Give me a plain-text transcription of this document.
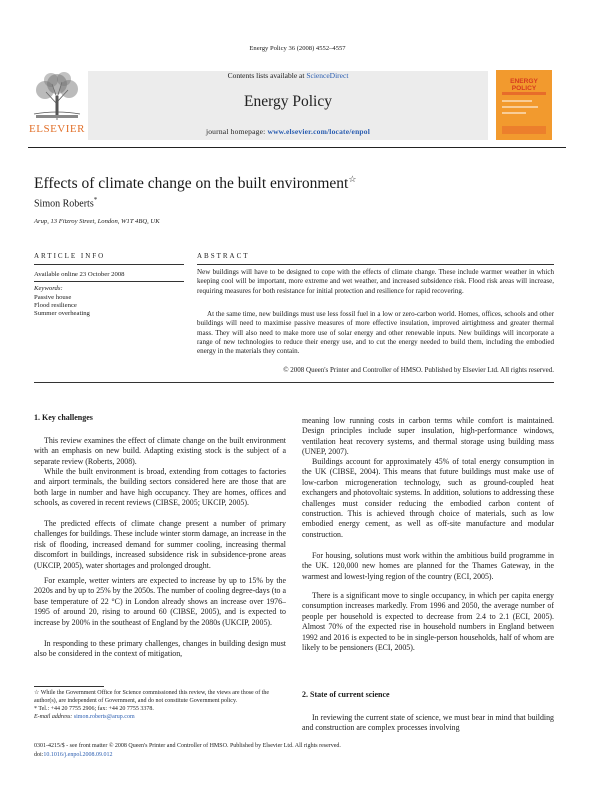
Energy Policy 36 (2008) 4552–4557
ELSEVIER
Contents lists available at ScienceDirect
Energy Policy
journal homepage: www.elsevier.com/locate/enpol
ENERGY
POLICY
Effects of climate change on the built environment☆
Simon Roberts*
Arup, 13 Fitzroy Street, London, W1T 4BQ, UK
ARTICLE INFO	ABSTRACT
Available online 23 October 2008
Keywords:
Passive house
Flood resilience
Summer overheating

New buildings will have to be designed to cope with the effects of climate change. These include warmer weather in which keeping cool will be important, more extreme and wet weather, and increased subsidence risk. Flood risk areas will increase, requiring measures for both resistance for initial protection and resilience for rapid recovering.

At the same time, new buildings must use less fossil fuel in a low or zero-carbon world. Homes, offices, schools and other buildings will need to maximise passive measures of more effective insulation, improved airtightness and greater thermal mass. They will also need to make more use of solar energy and other renewable inputs. New buildings will incorporate a range of new technologies to reduce their energy use, and to cut the energy needed to build them, including the embodied energy in the materials they contain.

© 2008 Queen's Printer and Controller of HMSO. Published by Elsevier Ltd. All rights reserved.
1. Key challenges

This review examines the effect of climate change on the built environment with an emphasis on new build. Adapting existing stock is the subject of a separate review (Roberts, 2008).

While the built environment is broad, extending from cottages to factories and airport terminals, the building sectors considered here are those that are both large in number and have high occupancy. They are homes, offices and schools, as covered in recent reviews (CIBSE, 2005; UKCIP, 2005).

The predicted effects of climate change present a number of primary challenges for buildings. These include winter storm damage, an increase in the risk of flooding, increased demand for summer cooling, increasing thermal discomfort in buildings, increased subsidence risk in subsidence-prone areas (UKCIP, 2005), water shortages and prolonged drought.

For example, wetter winters are expected to increase by up to 15% by the 2020s and by up to 25% by the 2050s. The number of cooling degree-days (to a base temperature of 22 °C) in London already shows an increase over 1976–1995 of around 20, rising to around 60 (CIBSE, 2005), and is expected to increase by 200% in the southeast of England by the 2080s (UKCIP, 2005).

In responding to these primary challenges, changes in building design must also be considered in the context of mitigation,

☆ While the Government Office for Science commissioned this review, the views are those of the author(s), are independent of Government, and do not constitute Government policy.
* Tel.: +44 20 7755 2906; fax: +44 20 7755 3378.
E-mail address: simon.roberts@arup.com

meaning low running costs in carbon terms while comfort is maintained. Design principles include super insulation, high-performance windows, ventilation heat recovery systems, and thermal storage using building mass (UNEP, 2007).

Buildings account for approximately 45% of total energy consumption in the UK (CIBSE, 2004). This means that future buildings must make use of low-carbon microgeneration technology, such as ground-coupled heat exchangers and photovoltaic systems. In addition, solutions to addressing these challenges must consider reducing the embodied carbon content of construction. This is achieved through choice of materials, such as low embodied energy cement, as well as off-site manufacture and modular construction.

For housing, solutions must work within the ambitious build programme in the UK. 120,000 new homes are planned for the Thames Gateway, in the warmest and lowest-lying region of the country (ECI, 2005).

There is a significant move to single occupancy, in which per capita energy consumption increases markedly. From 1996 and 2050, the average number of people per household is expected to decrease from 2.4 to 2.1 (ECI, 2005). Almost 70% of the expected rise in household numbers in England between 1992 and 2016 is expected to be in single-person households, half of whom are likely to be pensioners (ECI, 2005).

2. State of current science

In reviewing the current state of science, we must bear in mind that building and construction are complex processes involving

0301-4215/$ - see front matter © 2008 Queen's Printer and Controller of HMSO. Published by Elsevier Ltd. All rights reserved.
doi:10.1016/j.enpol.2008.09.012
